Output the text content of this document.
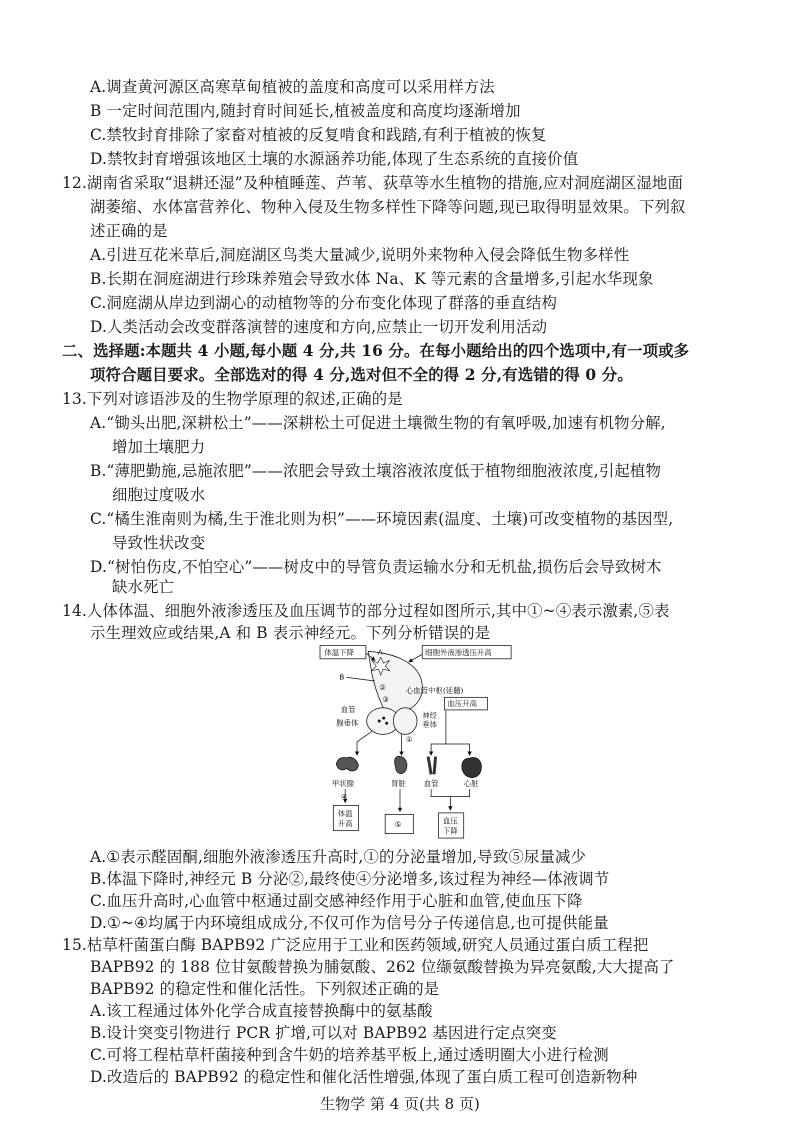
A.调查黄河源区高寒草甸植被的盖度和高度可以采用样方法
B 一定时间范围内,随封育时间延长,植被盖度和高度均逐渐增加
C.禁牧封育排除了家畜对植被的反复啃食和践踏,有利于植被的恢复
D.禁牧封育增强该地区土壤的水源涵养功能,体现了生态系统的直接价值
12.湖南省采取“退耕还湿”及种植睡莲、芦苇、荻草等水生植物的措施,应对洞庭湖区湿地面
湖萎缩、水体富营养化、物种入侵及生物多样性下降等问题,现已取得明显效果。下列叙
述正确的是
A.引进互花米草后,洞庭湖区鸟类大量减少,说明外来物种入侵会降低生物多样性
B.长期在洞庭湖进行珍珠养殖会导致水体 Na、K 等元素的含量增多,引起水华现象
C.洞庭湖从岸边到湖心的动植物等的分布变化体现了群落的垂直结构
D.人类活动会改变群落演替的速度和方向,应禁止一切开发利用活动
二、选择题:本题共 4 小题,每小题 4 分,共 16 分。在每小题给出的四个选项中,有一项或多
项符合题目要求。全部选对的得 4 分,选对但不全的得 2 分,有选错的得 0 分。
13.下列对谚语涉及的生物学原理的叙述,正确的是
A.“锄头出肥,深耕松土”——深耕松土可促进土壤微生物的有氧呼吸,加速有机物分解,
增加土壤肥力
B.“薄肥勤施,忌施浓肥”——浓肥会导致土壤溶液浓度低于植物细胞液浓度,引起植物
细胞过度吸水
C.“橘生淮南则为橘,生于淮北则为枳”——环境因素(温度、土壤)可改变植物的基因型,
导致性状改变
D.“树怕伤皮,不怕空心”——树皮中的导管负责运输水分和无机盐,损伤后会导致树木
体温下降	细胞外液渗透压升高
A
B
②
③
心血管中枢(延髓)
血压升高
血管
腺垂体
神经
垂体
①
甲状腺	肾脏 血管	心脏
④
体温
升高	⑤	血压
下降
A.①表示醛固酮,细胞外液渗透压升高时,①的分泌量增加,导致⑤尿量减少
B.体温下降时,神经元 B 分泌②,最终使④分泌增多,该过程为神经—体液调节
C.血压升高时,心血管中枢通过副交感神经作用于心脏和血管,使血压下降
D.①~④均属于内环境组成成分,不仅可作为信号分子传递信息,也可提供能量
15.枯草杆菌蛋白酶 BAPB92 广泛应用于工业和医药领域,研究人员通过蛋白质工程把
BAPB92 的 188 位甘氨酸替换为脯氨酸、262 位缬氨酸替换为异亮氨酸,大大提高了
BAPB92 的稳定性和催化活性。下列叙述正确的是
A.该工程通过体外化学合成直接替换酶中的氨基酸
B.设计突变引物进行 PCR 扩增,可以对 BAPB92 基因进行定点突变
生物学 第 4 页(共 8 页)
缺水死亡
14.人体体温、细胞外液渗透压及血压调节的部分过程如图所示,其中①~④表示激素,⑤表
示生理效应或结果,A 和 B 表示神经元。下列分析错误的是
C.可将工程枯草杆菌接种到含牛奶的培养基平板上,通过透明圈大小进行检测
D.改造后的 BAPB92 的稳定性和催化活性增强,体现了蛋白质工程可创造新物种
